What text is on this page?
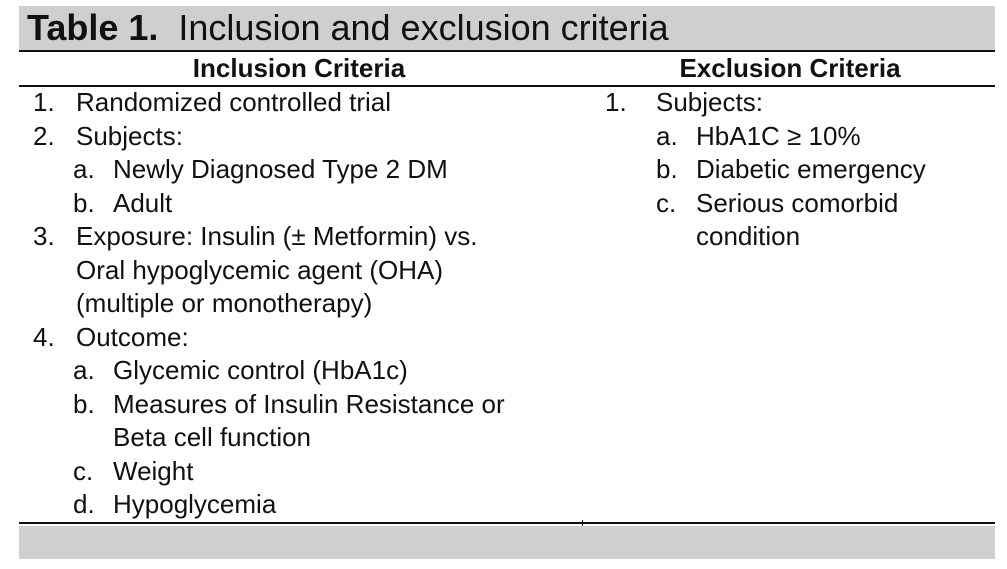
Table 1. Inclusion and exclusion criteria
Inclusion Criteria	Exclusion Criteria
1. Randomized controlled trial
2. Subjects:
a. Newly Diagnosed Type 2 DM
b. Adult
3. Exposure: Insulin (± Metformin) vs.
Oral hypoglycemic agent (OHA)
(multiple or monotherapy)
4. Outcome:
a. Glycemic control (HbA1c)
b. Measures of Insulin Resistance or
Beta cell function
c. Weight
d. Hypoglycemia
1. Subjects:
a. HbA1C ≥ 10%
b. Diabetic emergency
c. Serious comorbid
condition
